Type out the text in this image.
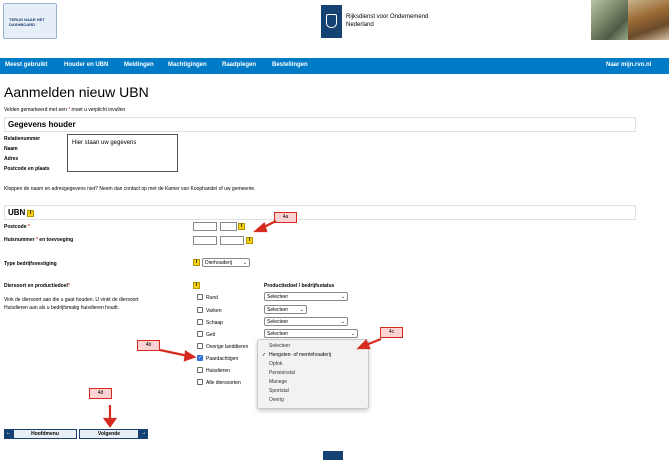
TERUG NAAR HET DASHBOARD
Rijksdienst voor Ondernemend
Nederland
Meest gebruikt	Houder en UBN	Meldingen Machtigingen	Raadplegen	Bestellingen	Naar mijn.rvo.nl
Aanmelden nieuw UBN
Velden gemarkeerd met een * moet u verplicht invullen
Gegevens houder
Relatienummer
Naam
Adres
Postcode en plaats
Hier staan uw gegevens
Kloppen de naam en adresgegevens niet? Neem dan contact op met de Kamer van Koophandel of uw gemeente.
UBN i
Postcode *	i
Huisnummer * en toevoeging	i
Type bedrijfsvestiging	i	Dierhouderij ⌄
Diersoort en productiedoel*	i	Productiedoel / bedrijfsstatus
Vink de diersoort aan die u gaat houden. U vinkt de diersoort
Huisdieren aan als u bedrijfsmatig huisdieren houdt.
Rund	Selecteer	⌄
Varken	Selecteer ⌄
Schaap	Selecteer	⌄
Geit	Selecteer	⌄
Overige landdieren
✓ Paardachtigen
Huisdieren
Alle diersoorten
Selecteer
✓ Hengsten- of merriehouderij
Opfok
Pensionstal
Manege
Sportstal
Overig
4a
4b
4c
4d
←	Hoofdmenu	Volgende	→
